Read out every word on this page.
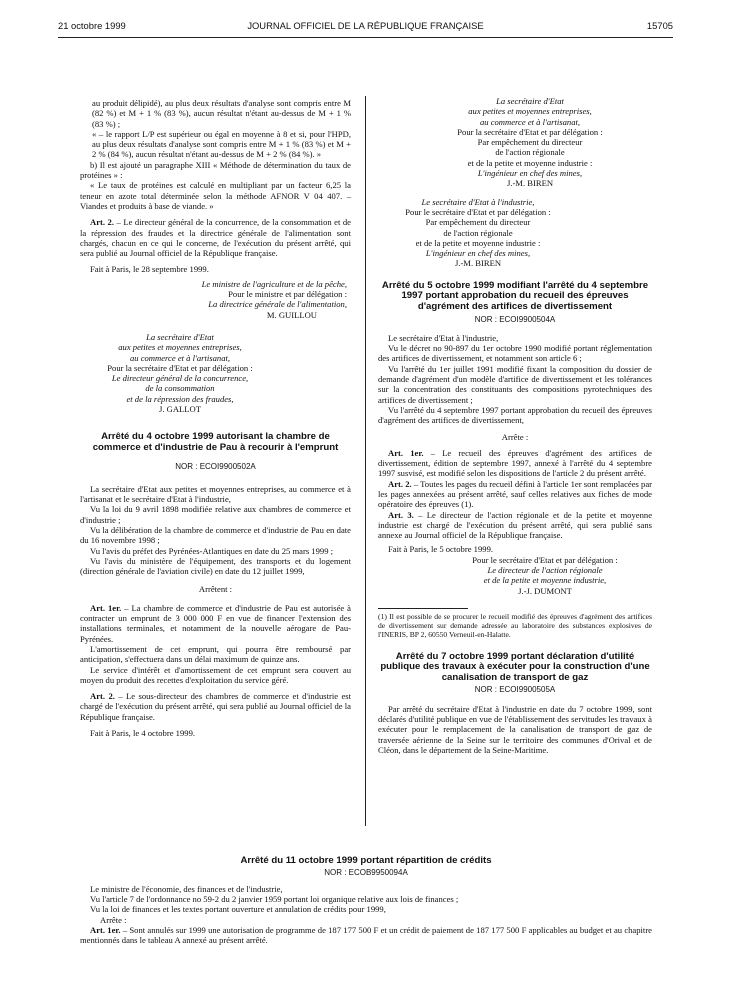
21 octobre 1999	JOURNAL OFFICIEL DE LA RÉPUBLIQUE FRANÇAISE	15705

au produit délipidé), au plus deux résultats d'analyse sont compris entre M (82 %) et M + 1 % (83 %), aucun résultat n'étant au-dessus de M + 1 % (83 %) ;

« – le rapport L/P est supérieur ou égal en moyenne à 8 et si, pour l'HPD, au plus deux résultats d'analyse sont compris entre M + 1 % (83 %) et M + 2 % (84 %), aucun résultat n'étant au-dessus de M + 2 % (84 %). »

b) Il est ajouté un paragraphe XIII « Méthode de détermination du taux de protéines » :

« Le taux de protéines est calculé en multipliant par un facteur 6,25 la teneur en azote total déterminée selon la méthode AFNOR V 04 407. – Viandes et produits à base de viande. »

Art. 2. – Le directeur général de la concurrence, de la consommation et de la répression des fraudes et la directrice générale de l'alimentation sont chargés, chacun en ce qui le concerne, de l'exécution du présent arrêté, qui sera publié au Journal officiel de la République française.

Fait à Paris, le 28 septembre 1999.

Le ministre de l'agriculture et de la pêche,

Pour le ministre et par délégation :

La directrice générale de l'alimentation,

M. GUILLOU

La secrétaire d'Etat

aux petites et moyennes entreprises,

au commerce et à l'artisanat,

Pour la secrétaire d'Etat et par délégation :

Le directeur général de la concurrence,

de la consommation

et de la répression des fraudes,

J. GALLOT

Arrêté du 4 octobre 1999 autorisant la chambre de commerce et d'industrie de Pau à recourir à l'emprunt

NOR : ECOI9900502A

La secrétaire d'Etat aux petites et moyennes entreprises, au commerce et à l'artisanat et le secrétaire d'Etat à l'industrie,

Vu la loi du 9 avril 1898 modifiée relative aux chambres de commerce et d'industrie ;

Vu la délibération de la chambre de commerce et d'industrie de Pau en date du 16 novembre 1998 ;

Vu l'avis du préfet des Pyrénées-Atlantiques en date du 25 mars 1999 ;

Vu l'avis du ministère de l'équipement, des transports et du logement (direction générale de l'aviation civile) en date du 12 juillet 1999,

Arrêtent :

Art. 1er. – La chambre de commerce et d'industrie de Pau est autorisée à contracter un emprunt de 3 000 000 F en vue de financer l'extension des installations terminales, et notamment de la nouvelle aérogare de Pau-Pyrénées.

L'amortissement de cet emprunt, qui pourra être remboursé par anticipation, s'effectuera dans un délai maximum de quinze ans.

Le service d'intérêt et d'amortissement de cet emprunt sera couvert au moyen du produit des recettes d'exploitation du service géré.

Art. 2. – Le sous-directeur des chambres de commerce et d'industrie est chargé de l'exécution du présent arrêté, qui sera publié au Journal officiel de la République française.

Fait à Paris, le 4 octobre 1999.

La secrétaire d'Etat

aux petites et moyennes entreprises,

au commerce et à l'artisanat,

Pour la secrétaire d'Etat et par délégation :

Par empêchement du directeur

de l'action régionale

et de la petite et moyenne industrie :

L'ingénieur en chef des mines,

J.-M. BIREN

Le secrétaire d'Etat à l'industrie,

Pour le secrétaire d'Etat et par délégation :

Par empêchement du directeur

de l'action régionale

et de la petite et moyenne industrie :

L'ingénieur en chef des mines,

J.-M. BIREN

Arrêté du 5 octobre 1999 modifiant l'arrêté du 4 septembre 1997 portant approbation du recueil des épreuves d'agrément des artifices de divertissement

NOR : ECOI9900504A

Le secrétaire d'Etat à l'industrie,

Vu le décret no 90-897 du 1er octobre 1990 modifié portant réglementation des artifices de divertissement, et notamment son article 6 ;

Vu l'arrêté du 1er juillet 1991 modifié fixant la composition du dossier de demande d'agrément d'un modèle d'artifice de divertissement et les tolérances sur la concentration des constituants des compositions pyrotechniques des artifices de divertissement ;

Vu l'arrêté du 4 septembre 1997 portant approbation du recueil des épreuves d'agrément des artifices de divertissement,

Arrête :

Art. 1er. – Le recueil des épreuves d'agrément des artifices de divertissement, édition de septembre 1997, annexé à l'arrêté du 4 septembre 1997 susvisé, est modifié selon les dispositions de l'article 2 du présent arrêté.

Art. 2. – Toutes les pages du recueil défini à l'article 1er sont remplacées par les pages annexées au présent arrêté, sauf celles relatives aux fiches de mode opératoire des épreuves (1).

Art. 3. – Le directeur de l'action régionale et de la petite et moyenne industrie est chargé de l'exécution du présent arrêté, qui sera publié sans annexe au Journal officiel de la République française.

Fait à Paris, le 5 octobre 1999.

Pour le secrétaire d'Etat et par délégation :

Le directeur de l'action régionale

et de la petite et moyenne industrie,

J.-J. DUMONT

(1) Il est possible de se procurer le recueil modifié des épreuves d'agrément des artifices de divertissement sur demande adressée au laboratoire des substances explosives de l'INERIS, BP 2, 60550 Verneuil-en-Halatte.

Arrêté du 7 octobre 1999 portant déclaration d'utilité publique des travaux à exécuter pour la construction d'une canalisation de transport de gaz

NOR : ECOI9900505A

Par arrêté du secrétaire d'Etat à l'industrie en date du 7 octobre 1999, sont déclarés d'utilité publique en vue de l'établissement des servitudes les travaux à exécuter pour le remplacement de la canalisation de transport de gaz de traversée aérienne de la Seine sur le territoire des communes d'Orival et de Cléon, dans le département de la Seine-Maritime.

Arrêté du 11 octobre 1999 portant répartition de crédits

NOR : ECOB9950094A

Le ministre de l'économie, des finances et de l'industrie,

Vu l'article 7 de l'ordonnance no 59-2 du 2 janvier 1959 portant loi organique relative aux lois de finances ;

Vu la loi de finances et les textes portant ouverture et annulation de crédits pour 1999,

Arrête :

Art. 1er. – Sont annulés sur 1999 une autorisation de programme de 187 177 500 F et un crédit de paiement de 187 177 500 F applicables au budget et au chapitre mentionnés dans le tableau A annexé au présent arrêté.
